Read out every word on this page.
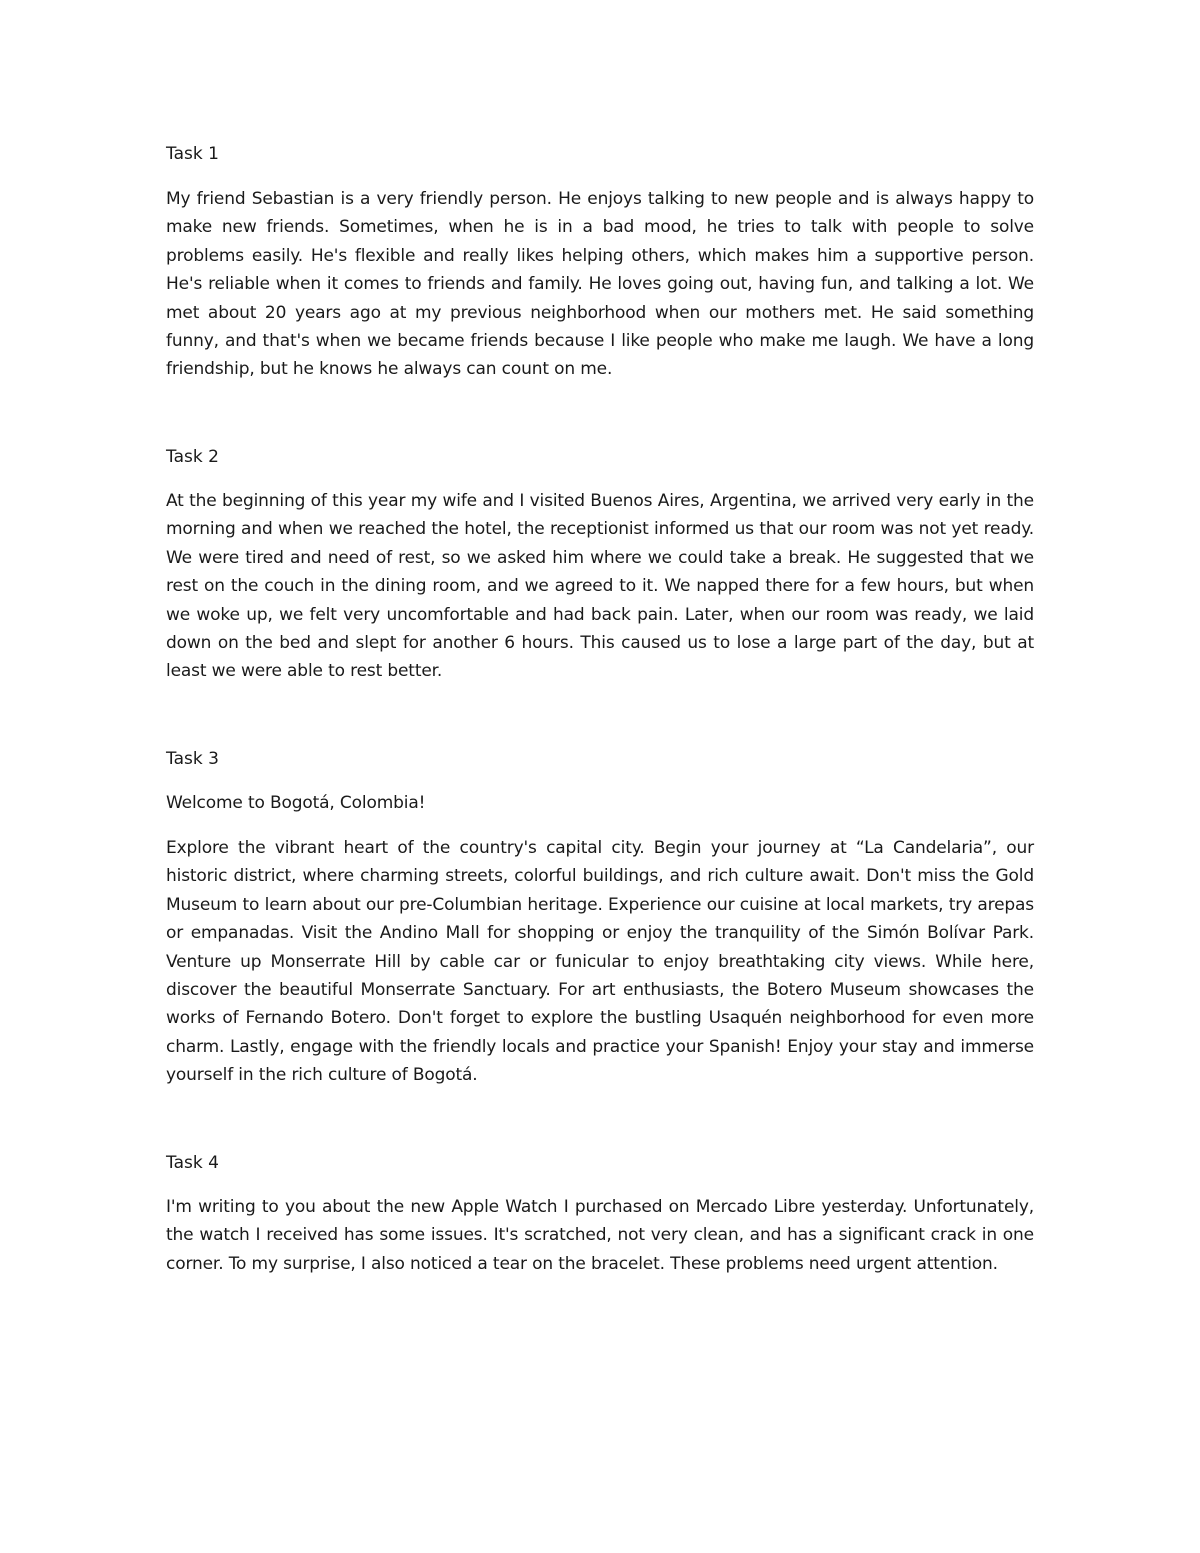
Task 1

My friend Sebastian is a very friendly person. He enjoys talking to new people and is always happy to make new friends. Sometimes, when he is in a bad mood, he tries to talk with people to solve problems easily. He's flexible and really likes helping others, which makes him a supportive person. He's reliable when it comes to friends and family. He loves going out, having fun, and talking a lot. We met about 20 years ago at my previous neighborhood when our mothers met. He said something funny, and that's when we became friends because I like people who make me laugh. We have a long friendship, but he knows he always can count on me.

Task 2

At the beginning of this year my wife and I visited Buenos Aires, Argentina, we arrived very early in the morning and when we reached the hotel, the receptionist informed us that our room was not yet ready. We were tired and need of rest, so we asked him where we could take a break. He suggested that we rest on the couch in the dining room, and we agreed to it. We napped there for a few hours, but when we woke up, we felt very uncomfortable and had back pain. Later, when our room was ready, we laid down on the bed and slept for another 6 hours. This caused us to lose a large part of the day, but at least we were able to rest better.

Task 3

Welcome to Bogotá, Colombia!

Explore the vibrant heart of the country's capital city. Begin your journey at “La Candelaria”, our historic district, where charming streets, colorful buildings, and rich culture await. Don't miss the Gold Museum to learn about our pre-Columbian heritage. Experience our cuisine at local markets, try arepas or empanadas. Visit the Andino Mall for shopping or enjoy the tranquility of the Simón Bolívar Park. Venture up Monserrate Hill by cable car or funicular to enjoy breathtaking city views. While here, discover the beautiful Monserrate Sanctuary. For art enthusiasts, the Botero Museum showcases the works of Fernando Botero. Don't forget to explore the bustling Usaquén neighborhood for even more charm. Lastly, engage with the friendly locals and practice your Spanish! Enjoy your stay and immerse yourself in the rich culture of Bogotá.

Task 4

I'm writing to you about the new Apple Watch I purchased on Mercado Libre yesterday. Unfortunately, the watch I received has some issues. It's scratched, not very clean, and has a significant crack in one corner. To my surprise, I also noticed a tear on the bracelet. These problems need urgent attention.
